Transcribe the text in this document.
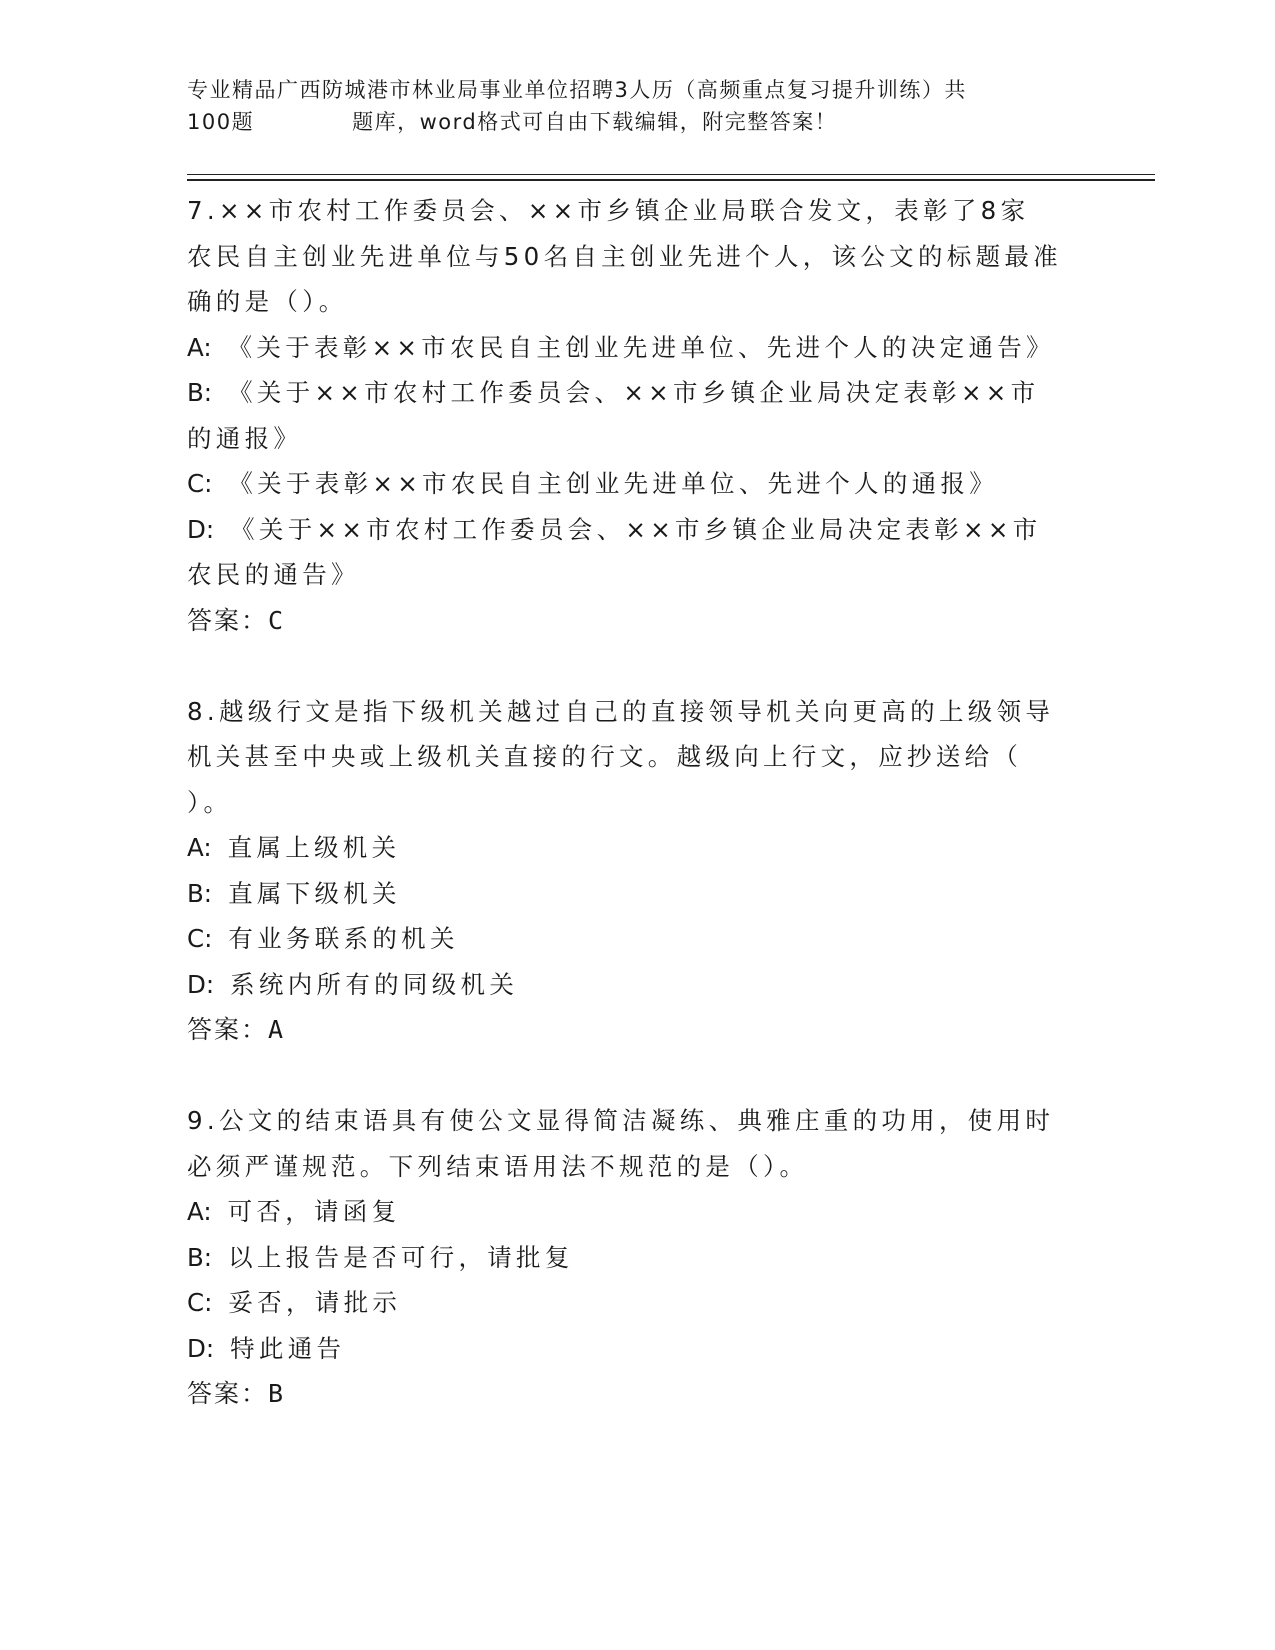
专业精品广西防城港市林业局事业单位招聘3人历（高频重点复习提升训练）共
100题	题库，word格式可自由下载编辑，附完整答案！
7.××市农村工作委员会、××市乡镇企业局联合发文，表彰了8家
农民自主创业先进单位与50名自主创业先进个人，该公文的标题最准
确的是（）。
A: 《关于表彰××市农民自主创业先进单位、先进个人的决定通告》
B: 《关于××市农村工作委员会、××市乡镇企业局决定表彰××市
的通报》
C: 《关于表彰××市农民自主创业先进单位、先进个人的通报》
D: 《关于××市农村工作委员会、××市乡镇企业局决定表彰××市
农民的通告》
答案：C
8.越级行文是指下级机关越过自己的直接领导机关向更高的上级领导
机关甚至中央或上级机关直接的行文。越级向上行文，应抄送给（
）。
A: 直属上级机关
B: 直属下级机关
C: 有业务联系的机关
D: 系统内所有的同级机关
答案：A
9.公文的结束语具有使公文显得简洁凝练、典雅庄重的功用，使用时
必须严谨规范。下列结束语用法不规范的是（）。
A: 可否，请函复
B: 以上报告是否可行，请批复
C: 妥否，请批示
D: 特此通告
答案：B
